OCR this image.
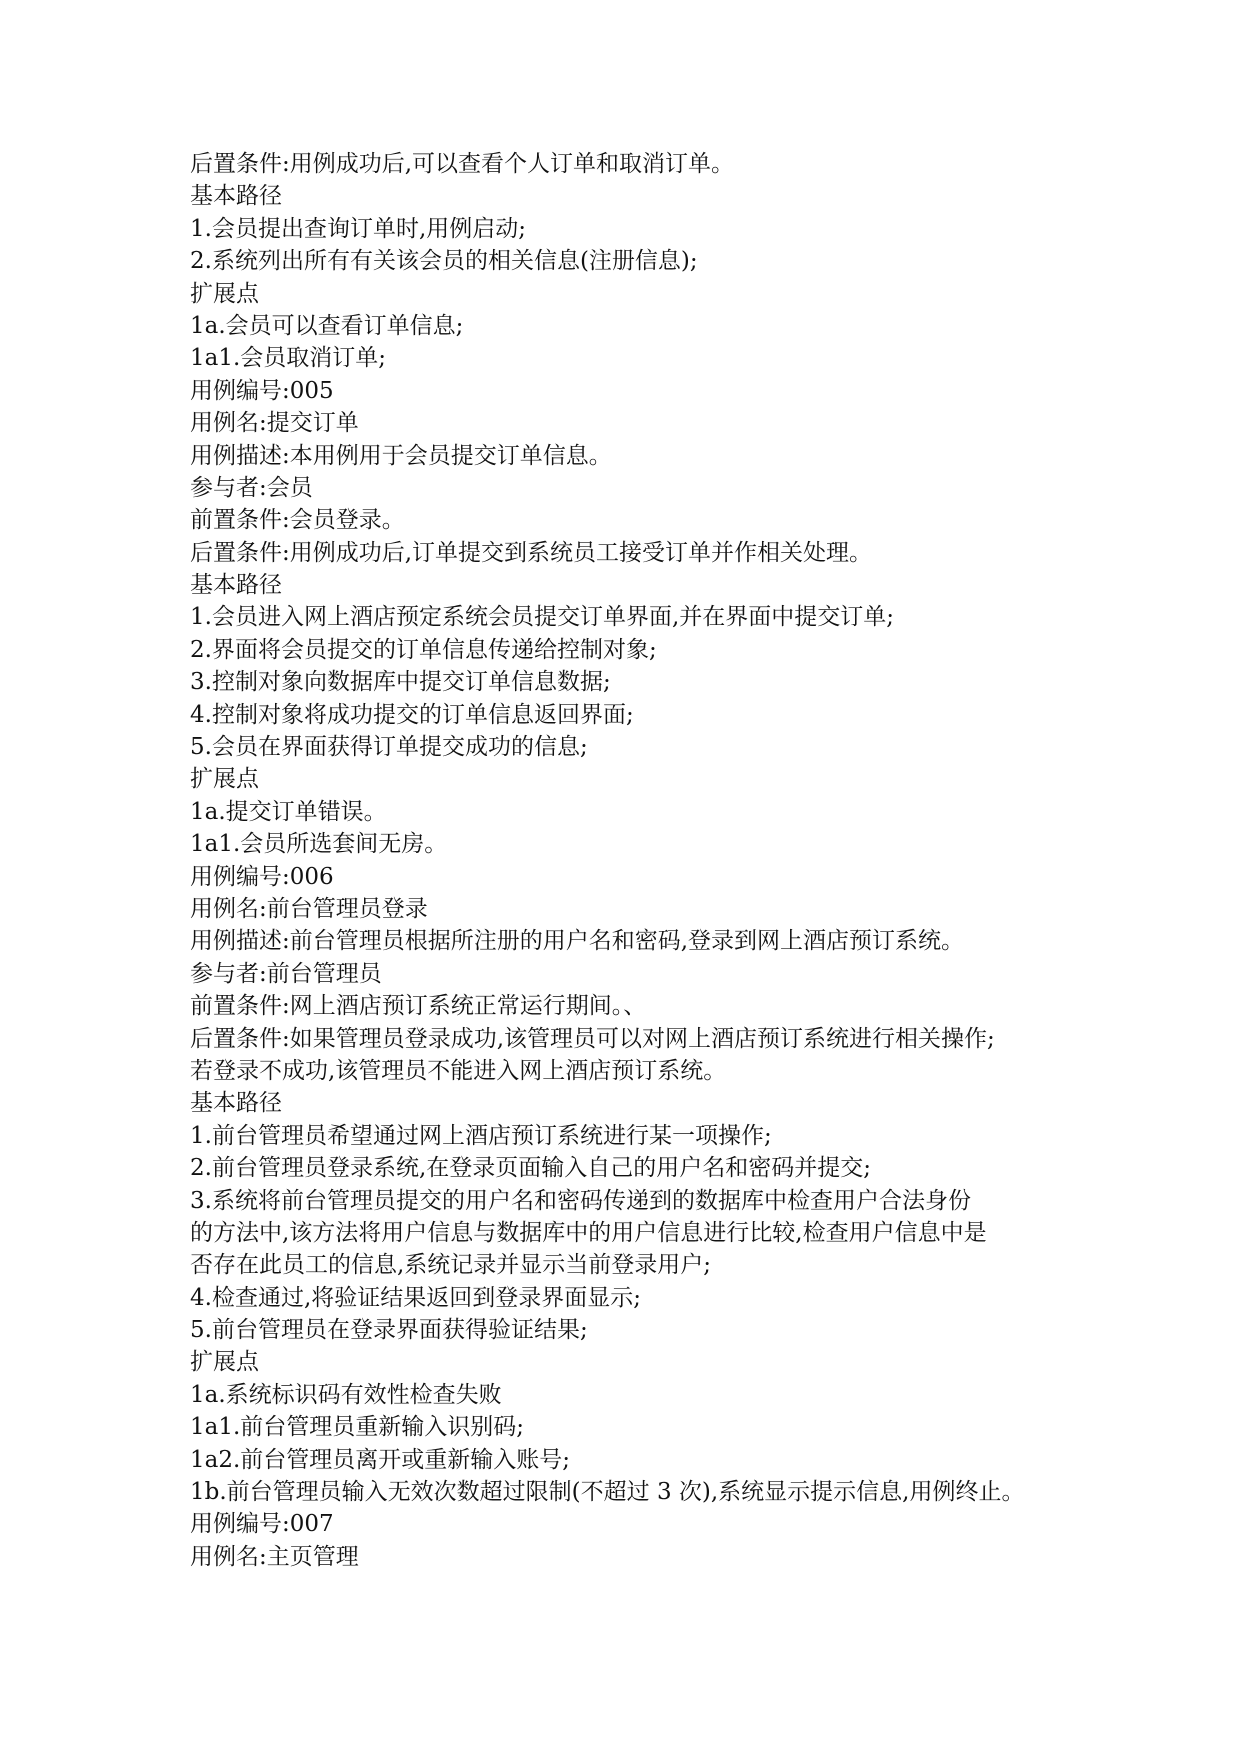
后置条件:用例成功后,可以查看个人订单和取消订单。

基本路径

1.会员提出查询订单时,用例启动;

2.系统列出所有有关该会员的相关信息(注册信息);

扩展点

1a.会员可以查看订单信息;

1a1.会员取消订单;

用例编号:005

用例名:提交订单

用例描述:本用例用于会员提交订单信息。

参与者:会员

前置条件:会员登录。

后置条件:用例成功后,订单提交到系统员工接受订单并作相关处理。

基本路径

1.会员进入网上酒店预定系统会员提交订单界面,并在界面中提交订单;

2.界面将会员提交的订单信息传递给控制对象;

3.控制对象向数据库中提交订单信息数据;

4.控制对象将成功提交的订单信息返回界面;

5.会员在界面获得订单提交成功的信息;

扩展点

1a.提交订单错误。

1a1.会员所选套间无房。

用例编号:006

用例名:前台管理员登录

用例描述:前台管理员根据所注册的用户名和密码,登录到网上酒店预订系统。

参与者:前台管理员

前置条件:网上酒店预订系统正常运行期间。、

后置条件:如果管理员登录成功,该管理员可以对网上酒店预订系统进行相关操作;

若登录不成功,该管理员不能进入网上酒店预订系统。

基本路径

1.前台管理员希望通过网上酒店预订系统进行某一项操作;

2.前台管理员登录系统,在登录页面输入自己的用户名和密码并提交;

3.系统将前台管理员提交的用户名和密码传递到的数据库中检查用户合法身份

的方法中,该方法将用户信息与数据库中的用户信息进行比较,检查用户信息中是

否存在此员工的信息,系统记录并显示当前登录用户;

4.检查通过,将验证结果返回到登录界面显示;

5.前台管理员在登录界面获得验证结果;

扩展点

1a.系统标识码有效性检查失败

1a1.前台管理员重新输入识别码;

1a2.前台管理员离开或重新输入账号;

1b.前台管理员输入无效次数超过限制(不超过 3 次),系统显示提示信息,用例终止。

用例编号:007

用例名:主页管理
